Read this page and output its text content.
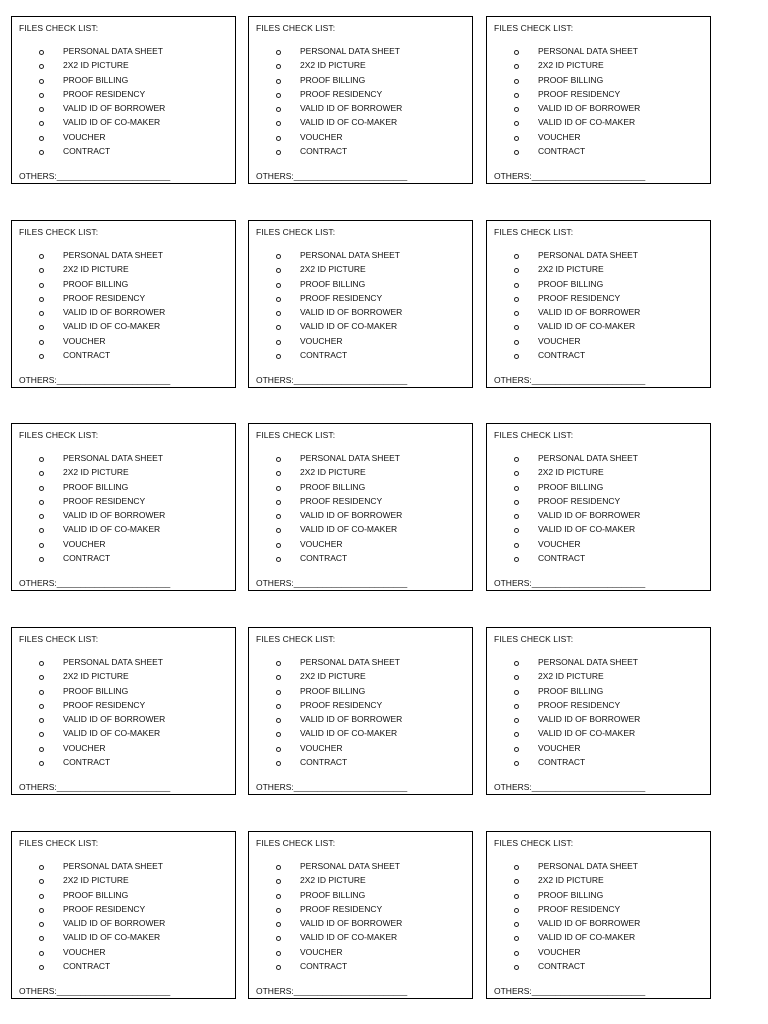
FILES CHECK LIST:
PERSONAL DATA SHEET
2X2 ID PICTURE
PROOF BILLING
PROOF RESIDENCY
VALID ID OF BORROWER
VALID ID OF CO-MAKER
VOUCHER
CONTRACT
OTHERS:________________________
FILES CHECK LIST:
PERSONAL DATA SHEET
2X2 ID PICTURE
PROOF BILLING
PROOF RESIDENCY
VALID ID OF BORROWER
VALID ID OF CO-MAKER
VOUCHER
CONTRACT
OTHERS:________________________
FILES CHECK LIST:
PERSONAL DATA SHEET
2X2 ID PICTURE
PROOF BILLING
PROOF RESIDENCY
VALID ID OF BORROWER
VALID ID OF CO-MAKER
VOUCHER
CONTRACT
OTHERS:________________________
FILES CHECK LIST:
PERSONAL DATA SHEET
2X2 ID PICTURE
PROOF BILLING
PROOF RESIDENCY
VALID ID OF BORROWER
VALID ID OF CO-MAKER
VOUCHER
CONTRACT
OTHERS:________________________
FILES CHECK LIST:
PERSONAL DATA SHEET
2X2 ID PICTURE
PROOF BILLING
PROOF RESIDENCY
VALID ID OF BORROWER
VALID ID OF CO-MAKER
VOUCHER
CONTRACT
OTHERS:________________________
FILES CHECK LIST:
PERSONAL DATA SHEET
2X2 ID PICTURE
PROOF BILLING
PROOF RESIDENCY
VALID ID OF BORROWER
VALID ID OF CO-MAKER
VOUCHER
CONTRACT
OTHERS:________________________
FILES CHECK LIST:
PERSONAL DATA SHEET
2X2 ID PICTURE
PROOF BILLING
PROOF RESIDENCY
VALID ID OF BORROWER
VALID ID OF CO-MAKER
VOUCHER
CONTRACT
OTHERS:________________________
FILES CHECK LIST:
PERSONAL DATA SHEET
2X2 ID PICTURE
PROOF BILLING
PROOF RESIDENCY
VALID ID OF BORROWER
VALID ID OF CO-MAKER
VOUCHER
CONTRACT
OTHERS:________________________
FILES CHECK LIST:
PERSONAL DATA SHEET
2X2 ID PICTURE
PROOF BILLING
PROOF RESIDENCY
VALID ID OF BORROWER
VALID ID OF CO-MAKER
VOUCHER
CONTRACT
OTHERS:________________________
FILES CHECK LIST:
PERSONAL DATA SHEET
2X2 ID PICTURE
PROOF BILLING
PROOF RESIDENCY
VALID ID OF BORROWER
VALID ID OF CO-MAKER
VOUCHER
CONTRACT
OTHERS:________________________
FILES CHECK LIST:
PERSONAL DATA SHEET
2X2 ID PICTURE
PROOF BILLING
PROOF RESIDENCY
VALID ID OF BORROWER
VALID ID OF CO-MAKER
VOUCHER
CONTRACT
OTHERS:________________________
FILES CHECK LIST:
PERSONAL DATA SHEET
2X2 ID PICTURE
PROOF BILLING
PROOF RESIDENCY
VALID ID OF BORROWER
VALID ID OF CO-MAKER
VOUCHER
CONTRACT
OTHERS:________________________
FILES CHECK LIST:
PERSONAL DATA SHEET
2X2 ID PICTURE
PROOF BILLING
PROOF RESIDENCY
VALID ID OF BORROWER
VALID ID OF CO-MAKER
VOUCHER
CONTRACT
OTHERS:________________________
FILES CHECK LIST:
PERSONAL DATA SHEET
2X2 ID PICTURE
PROOF BILLING
PROOF RESIDENCY
VALID ID OF BORROWER
VALID ID OF CO-MAKER
VOUCHER
CONTRACT
OTHERS:________________________
FILES CHECK LIST:
PERSONAL DATA SHEET
2X2 ID PICTURE
PROOF BILLING
PROOF RESIDENCY
VALID ID OF BORROWER
VALID ID OF CO-MAKER
VOUCHER
CONTRACT
OTHERS:________________________
